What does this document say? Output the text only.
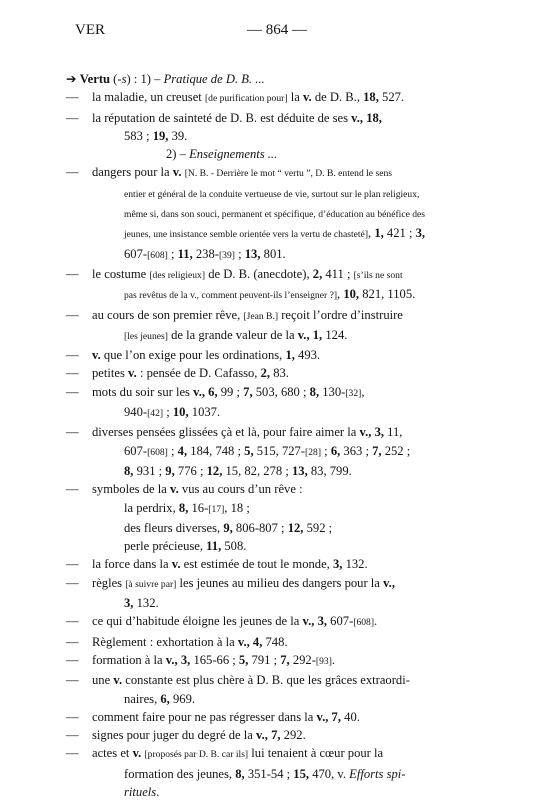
VER	— 864 —
➔ Vertu (-s) : 1) – Pratique de D. B. ...
— la maladie, un creuset [de purification pour] la v. de D. B., 18, 527.
— la réputation de sainteté de D. B. est déduite de ses v., 18,
583 ; 19, 39.
2) – Enseignements ...
— dangers pour la v. [N. B. - Derrière le mot “ vertu ”, D. B. entend le sens
entier et général de la conduite vertueuse de vie, surtout sur le plan religieux,
même si, dans son souci, permanent et spécifique, d’éducation au bénéfice des
jeunes, une insistance semble orientée vers la vertu de chasteté], 1, 421 ; 3,
607-[608] ; 11, 238-[39] ; 13, 801.
— le costume [des religieux] de D. B. (anecdote), 2, 411 ; [s’ils ne sont
pas revêtus de la v., comment peuvent-ils l’enseigner ?], 10, 821, 1105.
— au cours de son premier rêve, [Jean B.] reçoit l’ordre d’instruire
[les jeunes] de la grande valeur de la v., 1, 124.
— v. que l’on exige pour les ordinations, 1, 493.
— petites v. : pensée de D. Cafasso, 2, 83.
— mots du soir sur les v., 6, 99 ; 7, 503, 680 ; 8, 130-[32],
940-[42] ; 10, 1037.
— diverses pensées glissées çà et là, pour faire aimer la v., 3, 11,
607-[608] ; 4, 184, 748 ; 5, 515, 727-[28] ; 6, 363 ; 7, 252 ;
8, 931 ; 9, 776 ; 12, 15, 82, 278 ; 13, 83, 799.
— symboles de la v. vus au cours d’un rêve :
la perdrix, 8, 16-[17], 18 ;
des fleurs diverses, 9, 806-807 ; 12, 592 ;
perle précieuse, 11, 508.
— la force dans la v. est estimée de tout le monde, 3, 132.
— règles [à suivre par] les jeunes au milieu des dangers pour la v.,
3, 132.
— ce qui d’habitude éloigne les jeunes de la v., 3, 607-[608].
— Règlement : exhortation à la v., 4, 748.
— formation à la v., 3, 165-66 ; 5, 791 ; 7, 292-[93].
— une v. constante est plus chère à D. B. que les grâces extraordi-
naires, 6, 969.
— comment faire pour ne pas régresser dans la v., 7, 40.
— signes pour juger du degré de la v., 7, 292.
— actes et v. [proposés par D. B. car ils] lui tenaient à cœur pour la
formation des jeunes, 8, 351-54 ; 15, 470, v. Efforts spi-
rituels.
